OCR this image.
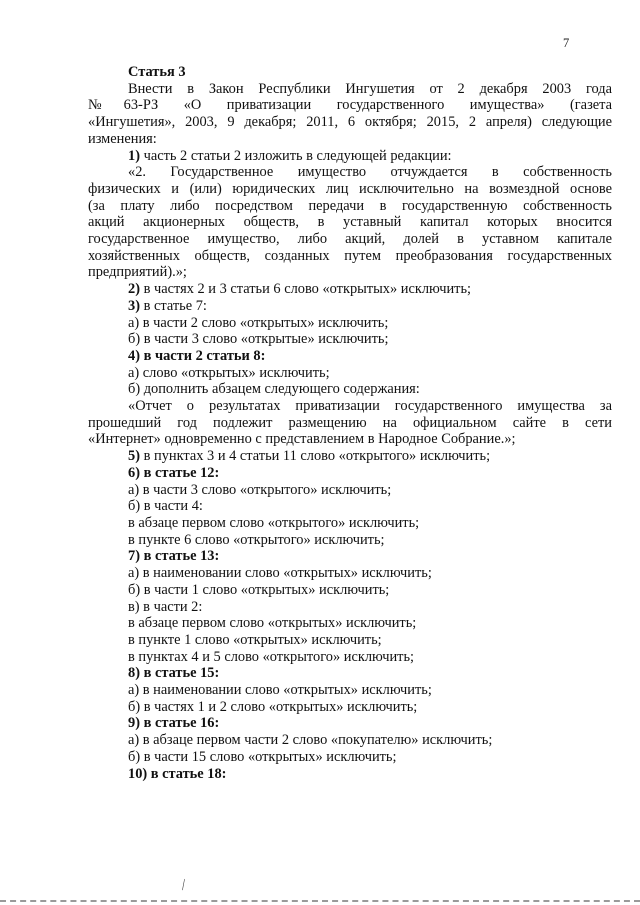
7

Статья 3

Внести в Закон Республики Ингушетия от 2 декабря 2003 года

№63-РЗ «О приватизации государственного имущества» (газета

«Ингушетия», 2003, 9 декабря; 2011, 6 октября; 2015, 2 апреля) следующие

изменения:

1) часть 2 статьи 2 изложить в следующей редакции:

«2. Государственное имущество отчуждается в собственность

физических и (или) юридических лиц исключительно на возмездной основе

(за плату либо посредством передачи в государственную собственность

акций акционерных обществ, в уставный капитал которых вносится

государственное имущество, либо акций, долей в уставном капитале

хозяйственных обществ, созданных путем преобразования государственных

предприятий).»;

2) в частях 2 и 3 статьи 6 слово «открытых» исключить;

3) в статье 7:

а) в части 2 слово «открытых» исключить;

б) в части 3 слово «открытые» исключить;

4) в части 2 статьи 8:

а) слово «открытых» исключить;

б) дополнить абзацем следующего содержания:

«Отчет о результатах приватизации государственного имущества за

прошедший год подлежит размещению на официальном сайте в сети

«Интернет» одновременно с представлением в Народное Собрание.»;

5) в пунктах 3 и 4 статьи 11 слово «открытого» исключить;

6) в статье 12:

а) в части 3 слово «открытого» исключить;

б) в части 4:

в абзаце первом слово «открытого» исключить;

в пункте 6 слово «открытого» исключить;

7) в статье 13:

а) в наименовании слово «открытых» исключить;

б) в части 1 слово «открытых» исключить;

в) в части 2:

в абзаце первом слово «открытых» исключить;

в пункте 1 слово «открытых» исключить;

в пунктах 4 и 5 слово «открытого» исключить;

8) в статье 15:

а) в наименовании слово «открытых» исключить;

б) в частях 1 и 2 слово «открытых» исключить;

9) в статье 16:

а) в абзаце первом части 2 слово «покупателю» исключить;

б) в части 15 слово «открытых» исключить;

10) в статье 18:

⁄
